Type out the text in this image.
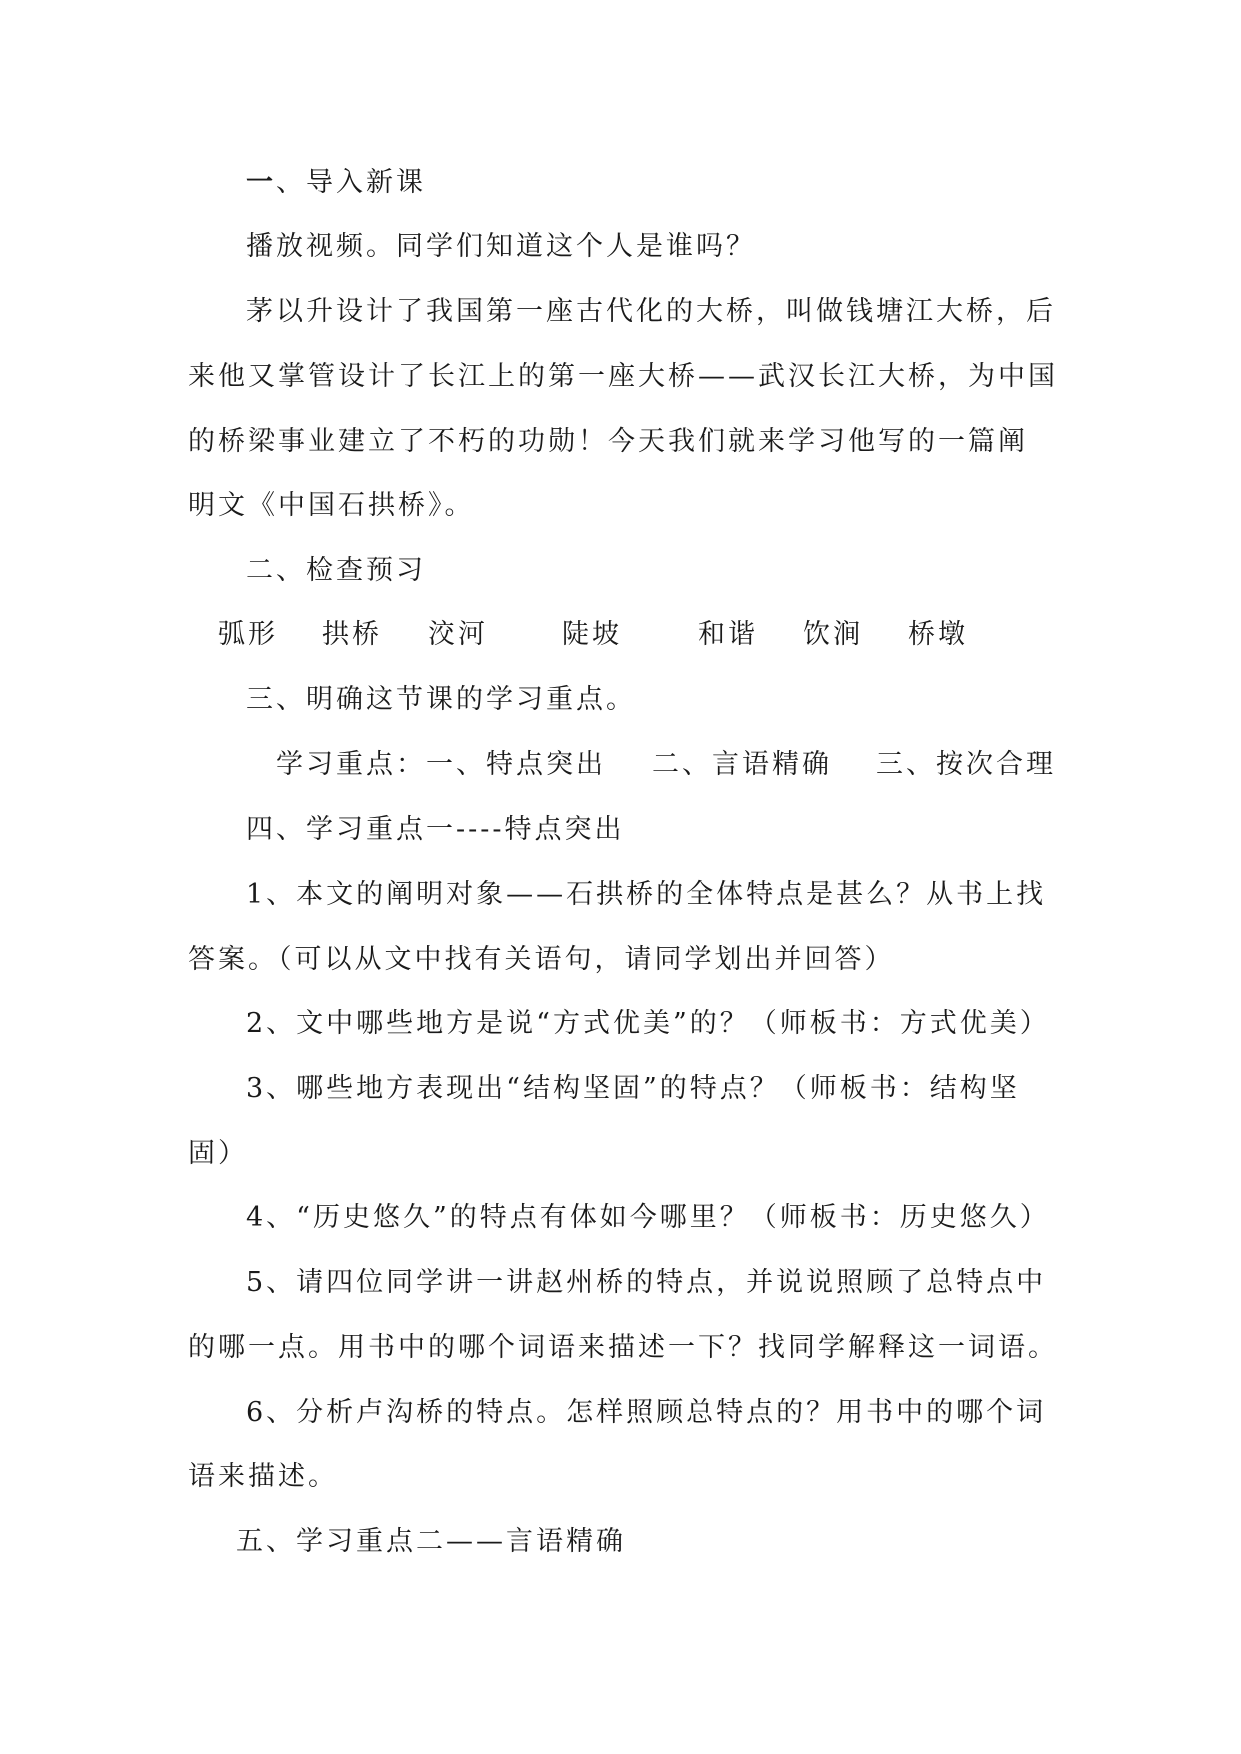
一、导入新课
播放视频。同学们知道这个人是谁吗？
茅以升设计了我国第一座古代化的大桥，叫做钱塘江大桥，后
来他又掌管设计了长江上的第一座大桥——武汉长江大桥，为中国
的桥梁事业建立了不朽的功勋！今天我们就来学习他写的一篇阐
明文《中国石拱桥》。
二、检查预习
弧形 拱桥 洨河	陡坡	和谐 饮涧 桥墩
三、明确这节课的学习重点。
学习重点：一、特点突出 二、言语精确 三、按次合理
四、学习重点一----特点突出
1、本文的阐明对象——石拱桥的全体特点是甚么？从书上找
答案。（可以从文中找有关语句，请同学划出并回答）
2、文中哪些地方是说“方式优美”的？（师板书：方式优美）
3、哪些地方表现出“结构坚固”的特点？（师板书：结构坚
固）
4、“历史悠久”的特点有体如今哪里？（师板书：历史悠久）
5、请四位同学讲一讲赵州桥的特点，并说说照顾了总特点中
的哪一点。用书中的哪个词语来描述一下？找同学解释这一词语。
6、分析卢沟桥的特点。怎样照顾总特点的？用书中的哪个词
语来描述。
五、学习重点二——言语精确
